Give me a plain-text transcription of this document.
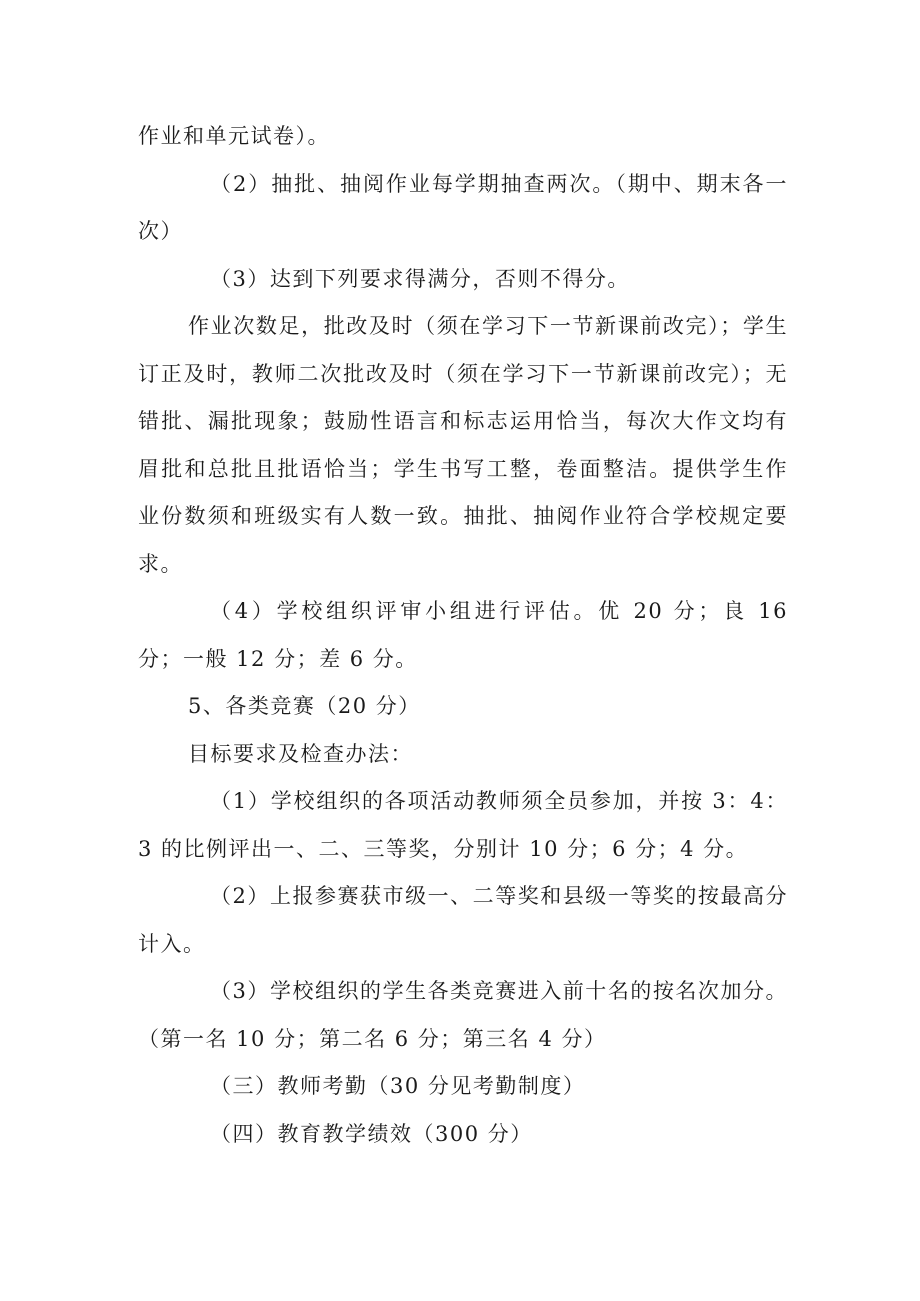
作业和单元试卷）。

（2）抽批、抽阅作业每学期抽查两次。（期中、期末各一次）

（3）达到下列要求得满分，否则不得分。

作业次数足，批改及时（须在学习下一节新课前改完）；学生订正及时，教师二次批改及时（须在学习下一节新课前改完）；无错批、漏批现象；鼓励性语言和标志运用恰当，每次大作文均有眉批和总批且批语恰当；学生书写工整，卷面整洁。提供学生作业份数须和班级实有人数一致。抽批、抽阅作业符合学校规定要求。

（4）学校组织评审小组进行评估。优 20 分；良 16 分；一般 12 分；差 6 分。

5、各类竞赛（20 分）

目标要求及检查办法：

（1）学校组织的各项活动教师须全员参加，并按 3：4：3 的比例评出一、二、三等奖，分别计 10 分；6 分；4 分。

（2）上报参赛获市级一、二等奖和县级一等奖的按最高分计入。

（3）学校组织的学生各类竞赛进入前十名的按名次加分。（第一名 10 分；第二名 6 分；第三名 4 分）

（三）教师考勤（30 分见考勤制度）

（四）教育教学绩效（300 分）
